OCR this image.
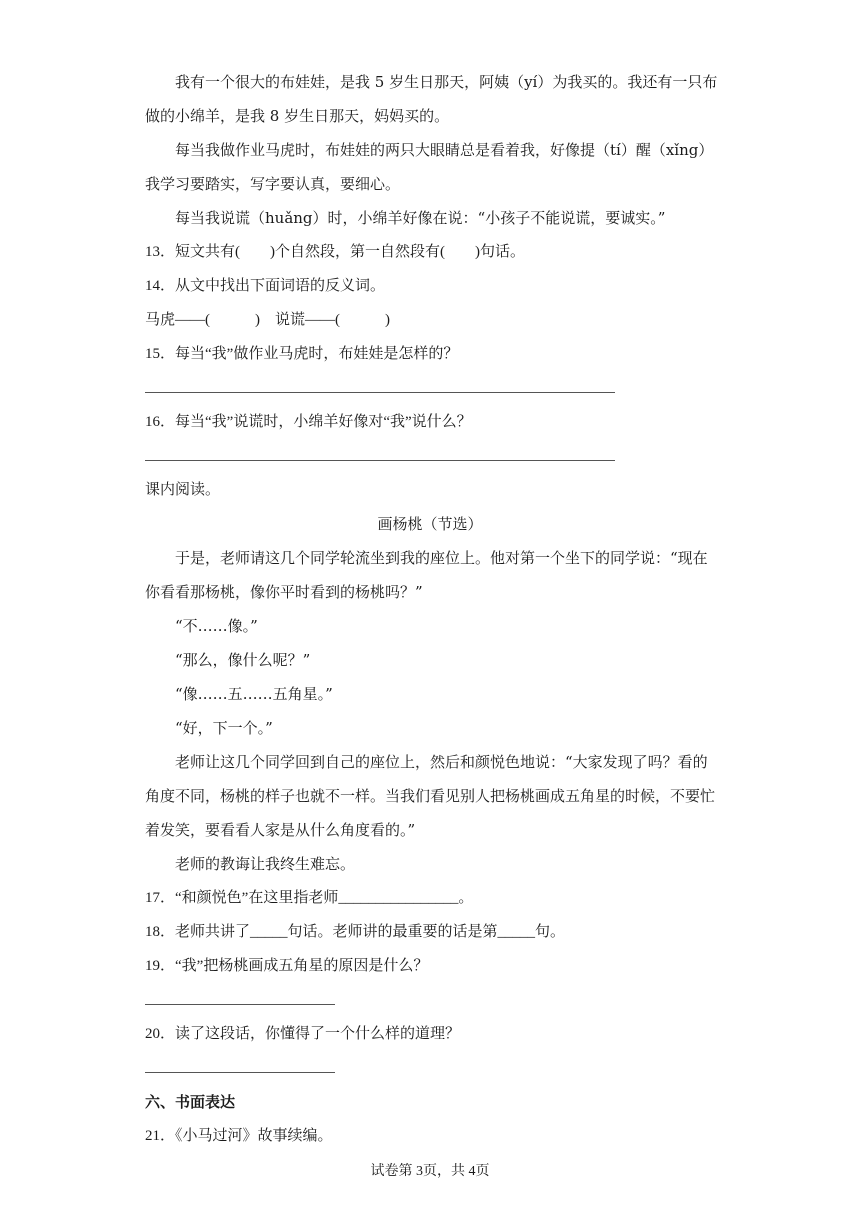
我有一个很大的布娃娃，是我 5 岁生日那天，阿姨（yí）为我买的。我还有一只布
做的小绵羊，是我 8 岁生日那天，妈妈买的。
每当我做作业马虎时，布娃娃的两只大眼睛总是看着我，好像提（tí）醒（xǐng）
我学习要踏实，写字要认真，要细心。
每当我说谎（huǎng）时，小绵羊好像在说：“小孩子不能说谎，要诚实。”
13．短文共有(　　)个自然段，第一自然段有(　　)句话。
14．从文中找出下面词语的反义词。
马虎——(　　　)　说谎——(　　　)
15．每当“我”做作业马虎时，布娃娃是怎样的？
16．每当“我”说谎时，小绵羊好像对“我”说什么？
课内阅读。
画杨桃（节选）
于是，老师请这几个同学轮流坐到我的座位上。他对第一个坐下的同学说：“现在
你看看那杨桃，像你平时看到的杨桃吗？”
“不……像。”
“那么，像什么呢？”
“像……五……五角星。”
“好，下一个。”
老师让这几个同学回到自己的座位上，然后和颜悦色地说：“大家发现了吗？看的
角度不同，杨桃的样子也就不一样。当我们看见别人把杨桃画成五角星的时候，不要忙
着发笑，要看看人家是从什么角度看的。”
老师的教诲让我终生难忘。
17．“和颜悦色”在这里指老师________________。
18．老师共讲了_____句话。老师讲的最重要的话是第_____句。
19．“我”把杨桃画成五角星的原因是什么？
20．读了这段话，你懂得了一个什么样的道理？
六、书面表达
21．《小马过河》故事续编。
试卷第 3页，共 4页
